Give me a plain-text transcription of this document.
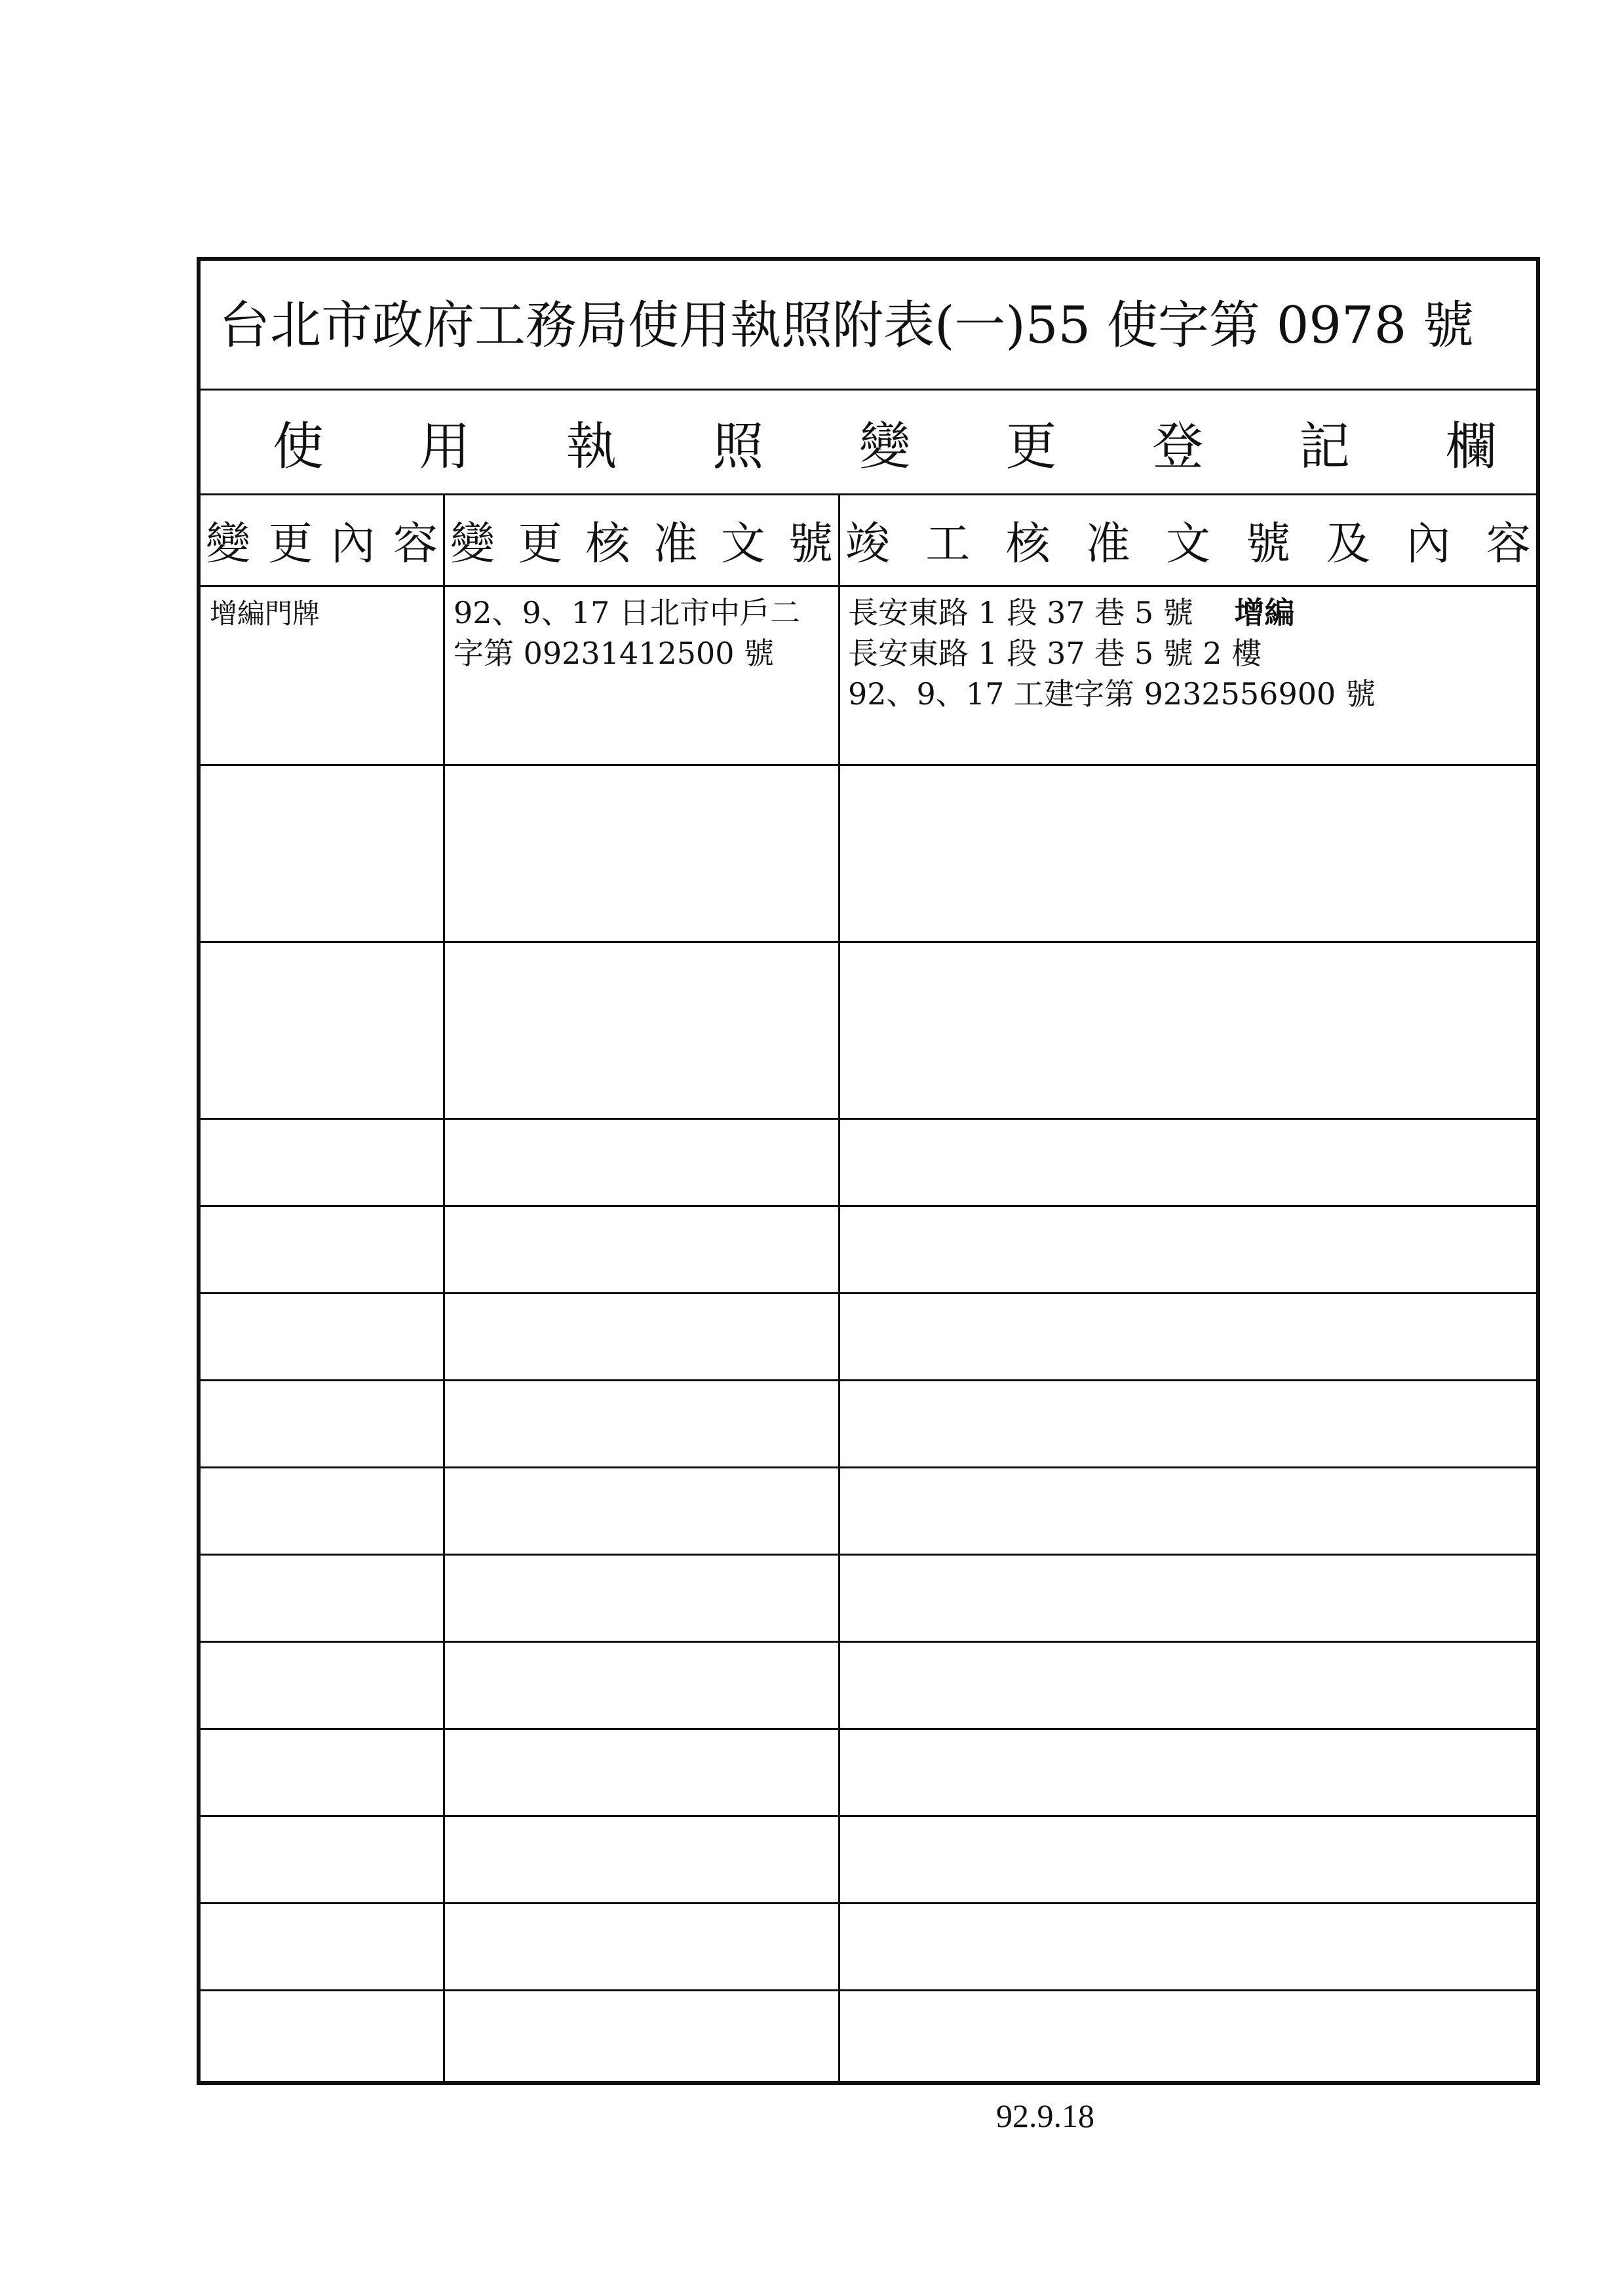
台北市政府工務局使用執照附表(一)55 使字第 0978 號
使 用 執 照 變 更 登 記 欄
變 更 內 容 變 更 核 准 文 號 竣 工 核 准 文 號 及 內 容
增編門牌	92、9、17 日北市中戶二
字第 09231412500 號
長安東路 1 段 37 巷 5 號 增編
長安東路 1 段 37 巷 5 號 2 樓
92、9、17 工建字第 9232556900 號
92.9.18
